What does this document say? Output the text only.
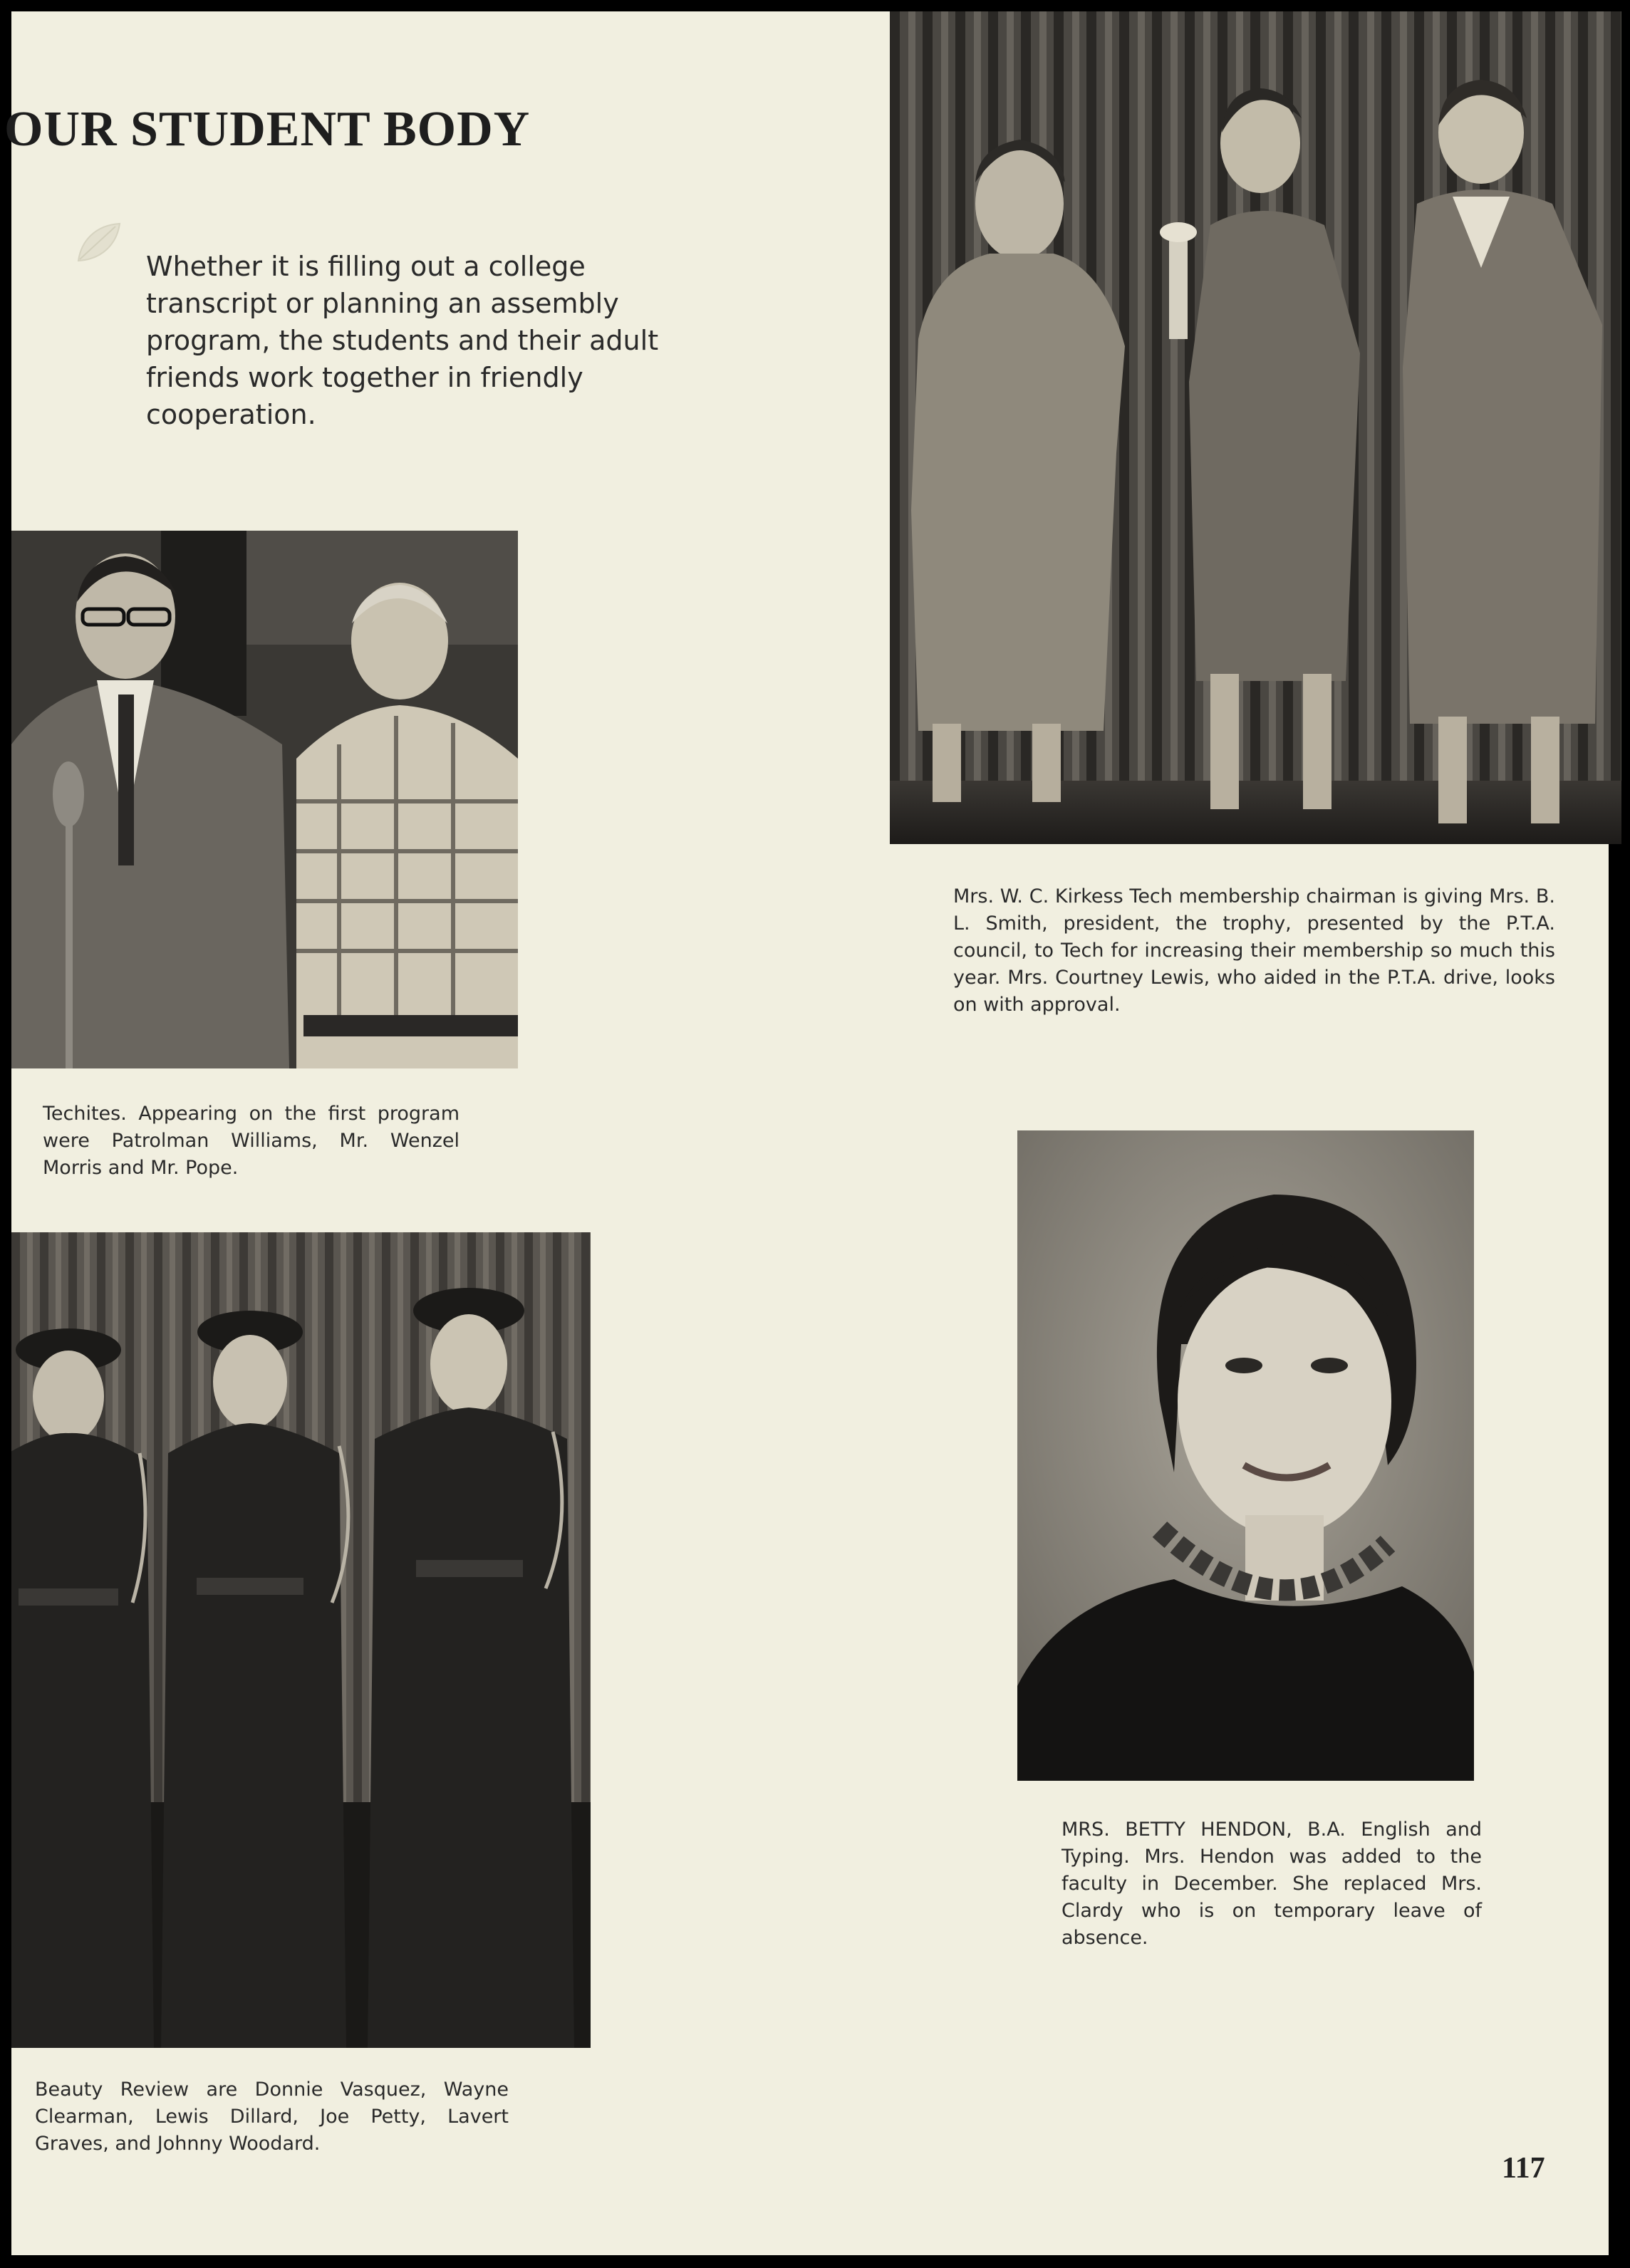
OUR STUDENT BODY

Whether it is filling out a college transcript or planning an assembly program, the students and their adult friends work together in friendly cooperation.

Mrs. W. C. Kirkess Tech membership chairman is giving Mrs. B. L. Smith, president, the trophy, presented by the P.T.A. council, to Tech for increasing their membership so much this year. Mrs. Courtney Lewis, who aided in the P.T.A. drive, looks on with approval.

Techites. Appearing on the first program were Patrolman Williams, Mr. Wenzel Morris and Mr. Pope.

MRS. BETTY HENDON, B.A. English and Typing. Mrs. Hendon was added to the faculty in December. She replaced Mrs. Clardy who is on temporary leave of absence.

Beauty Review are Donnie Vasquez, Wayne Clearman, Lewis Dillard, Joe Petty, Lavert Graves, and Johnny Woodard.

117
